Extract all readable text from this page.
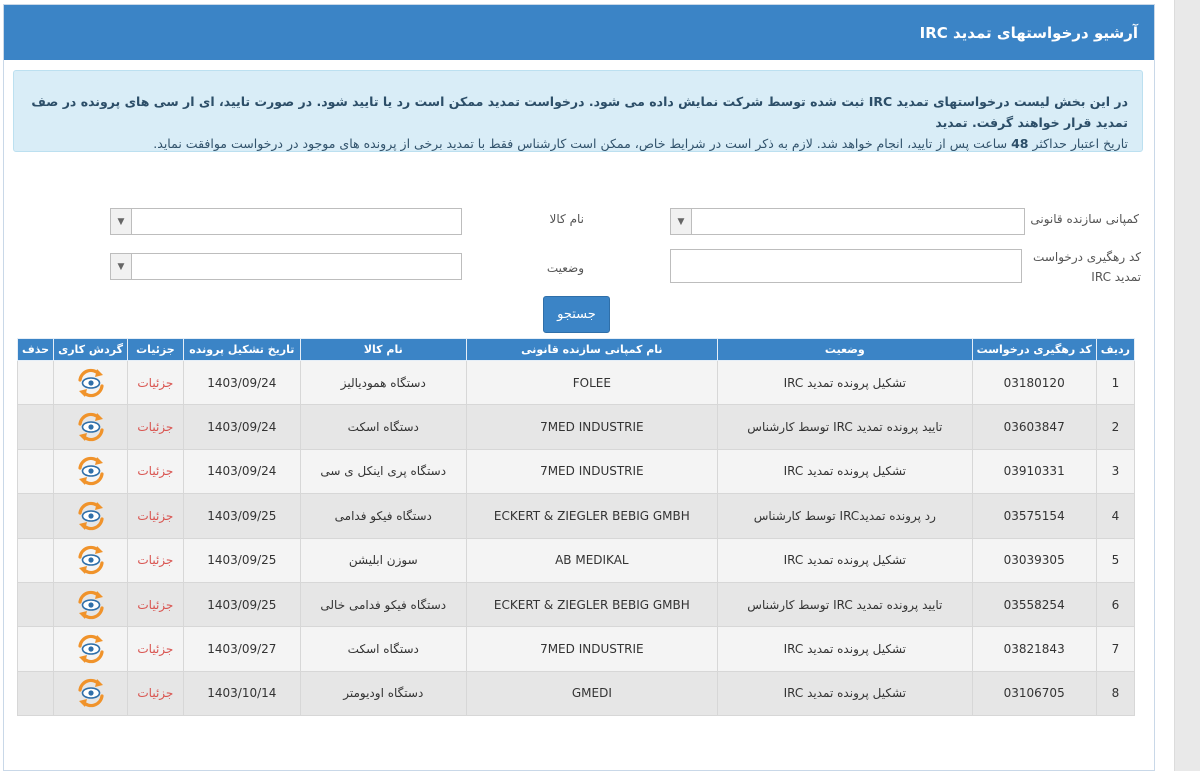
آرشیو درخواستهای تمدید IRC
در این بخش لیست درخواستهای تمدید IRC ثبت شده توسط شرکت نمایش داده می شود. درخواست تمدید ممکن است رد یا تایید شود. در صورت تایید، ای ار سی های پرونده در صف تمدید قرار خواهند گرفت. تمدید
تاریخ اعتبار حداکثر 48 ساعت پس از تایید، انجام خواهد شد. لازم به ذکر است در شرایط خاص، ممکن است کارشناس فقط با تمدید برخی از پرونده های موجود در درخواست موافقت نماید.
کمپانی سازنده قانونی
▼
نام کالا
▼
کد رهگیری درخواست تمدید IRC
وضعیت
▼
جستجو
ردیف	کد رهگیری درخواست	وضعیت	نام کمپانی سازنده قانونی	نام کالا	تاریخ تشکیل پرونده	جزئیات	گردش کاری	حذف
1	03180120	تشکیل پرونده تمدید IRC	FOLEE	دستگاه همودیالیز	1403/09/24	جزئیات		
2	03603847	تایید پرونده تمدید IRC توسط کارشناس	7MED INDUSTRIE	دستگاه اسکت	1403/09/24	جزئیات		
3	03910331	تشکیل پرونده تمدید IRC	7MED INDUSTRIE	دستگاه پری اینکل ی سی	1403/09/24	جزئیات		
4	03575154	رد پرونده تمدیدIRC توسط کارشناس	ECKERT & ZIEGLER BEBIG GMBH	دستگاه فیکو فدامی	1403/09/25	جزئیات		
5	03039305	تشکیل پرونده تمدید IRC	AB MEDIKAL	سوزن ابلیشن	1403/09/25	جزئیات		
6	03558254	تایید پرونده تمدید IRC توسط کارشناس	ECKERT & ZIEGLER BEBIG GMBH	دستگاه فیکو فدامی خالی	1403/09/25	جزئیات		
7	03821843	تشکیل پرونده تمدید IRC	7MED INDUSTRIE	دستگاه اسکت	1403/09/27	جزئیات		
8	03106705	تشکیل پرونده تمدید IRC	GMEDI	دستگاه اودیومتر	1403/10/14	جزئیات		
